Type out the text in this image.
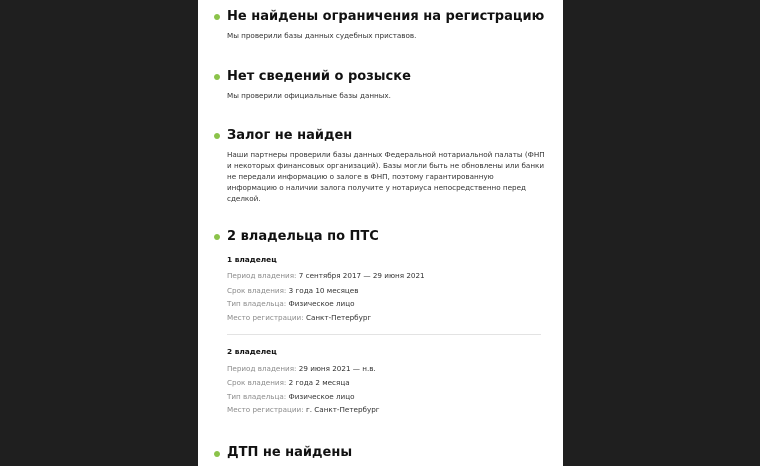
Не найдены ограничения на регистрацию
Мы проверили базы данных судебных приставов.
Нет сведений о розыске
Мы проверили официальные базы данных.
Залог не найден
Наши партнеры проверили базы данных Федеральной нотариальной палаты (ФНП и некоторых финансовых организаций). Базы могли быть не обновлены или банки не передали информацию о залоге в ФНП, поэтому гарантированную информацию о наличии залога получите у нотариуса непосредственно перед сделкой.
2 владельца по ПТС
1 владелец
Период владения: 7 сентября 2017 — 29 июня 2021
Срок владения: 3 года 10 месяцев
Тип владельца: Физическое лицо
Место регистрации: Санкт-Петербург
2 владелец
Период владения: 29 июня 2021 — н.в.
Срок владения: 2 года 2 месяца
Тип владельца: Физическое лицо
Место регистрации: г. Санкт-Петербург
ДТП не найдены
